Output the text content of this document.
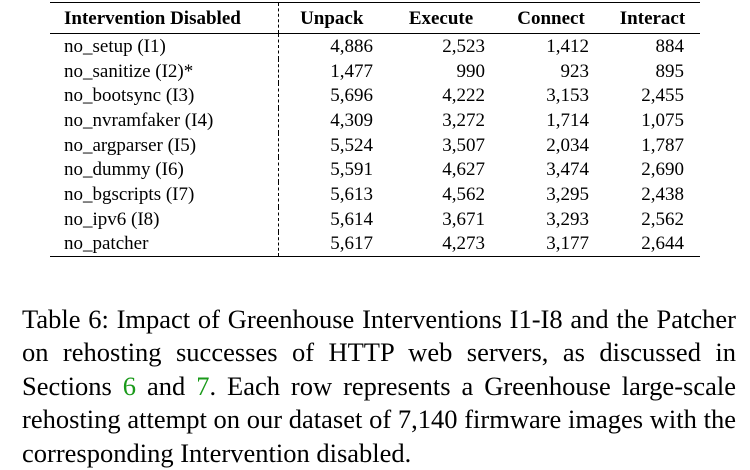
Intervention Disabled	Unpack	Execute	Connect	Interact
no_setup (I1)	4,886	2,523	1,412	884
no_sanitize (I2)*	1,477	990	923	895
no_bootsync (I3)	5,696	4,222	3,153	2,455
no_nvramfaker (I4)	4,309	3,272	1,714	1,075
no_argparser (I5)	5,524	3,507	2,034	1,787
no_dummy (I6)	5,591	4,627	3,474	2,690
no_bgscripts (I7)	5,613	4,562	3,295	2,438
no_ipv6 (I8)	5,614	3,671	3,293	2,562
no_patcher	5,617	4,273	3,177	2,644

Table 6: Impact of Greenhouse Interventions I1-I8 and the Patcher on rehosting successes of HTTP web servers, as discussed in Sections 6 and 7. Each row represents a Greenhouse large-scale rehosting attempt on our dataset of 7,140 firmware images with the corresponding Intervention disabled.
